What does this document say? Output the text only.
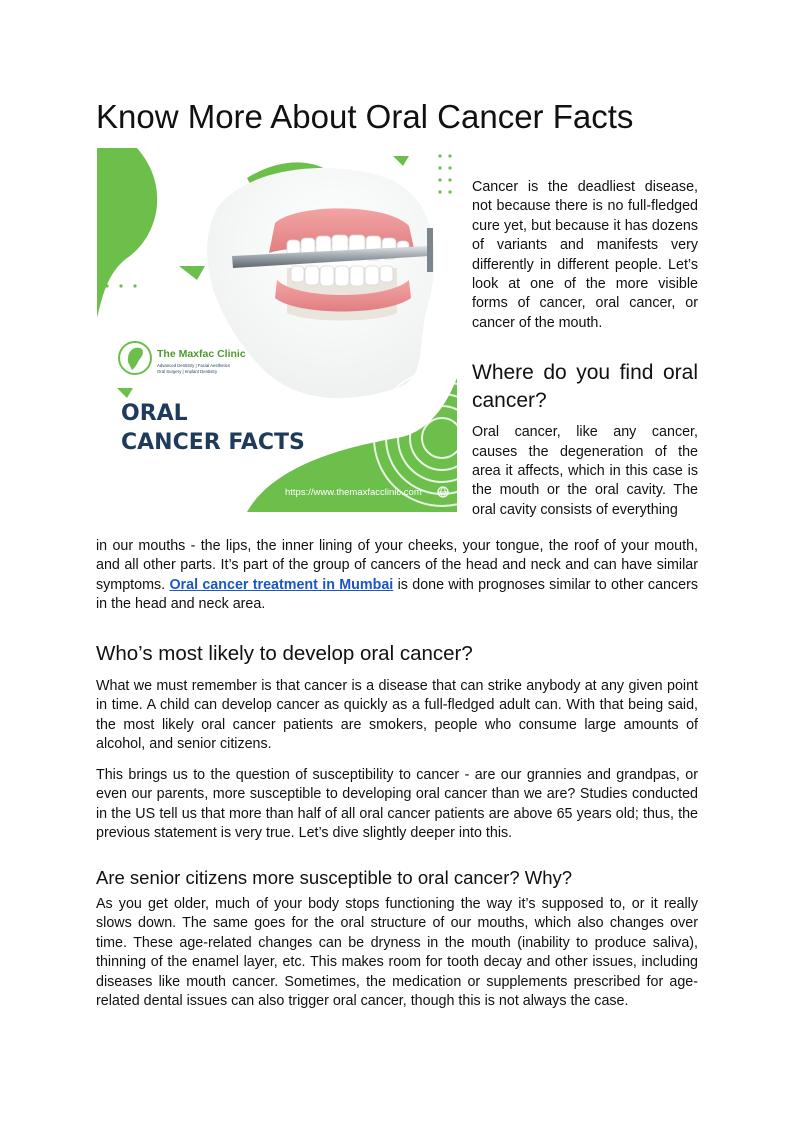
Know More About Oral Cancer Facts
The Maxfac Clinic
Advanced Dentistry | Facial Aesthetics
Oral Surgery | Implant Dentistry
ORAL
CANCER FACTS
https://www.themaxfacclinic.com

Cancer is the deadliest disease, not because there is no full-fledged cure yet, but because it has dozens of variants and manifests very differently in different people. Let’s look at one of the more visible forms of cancer, oral cancer, or cancer of the mouth.

Where do you find oral cancer?

Oral cancer, like any cancer, causes the degeneration of the area it affects, which in this case is the mouth or the oral cavity. The oral cavity consists of everything

in our mouths - the lips, the inner lining of your cheeks, your tongue, the roof of your mouth, and all other parts. It’s part of the group of cancers of the head and neck and can have similar symptoms. Oral cancer treatment in Mumbai is done with prognoses similar to other cancers in the head and neck area.

Who’s most likely to develop oral cancer?

What we must remember is that cancer is a disease that can strike anybody at any given point in time. A child can develop cancer as quickly as a full-fledged adult can. With that being said, the most likely oral cancer patients are smokers, people who consume large amounts of alcohol, and senior citizens.

This brings us to the question of susceptibility to cancer - are our grannies and grandpas, or even our parents, more susceptible to developing oral cancer than we are? Studies conducted in the US tell us that more than half of all oral cancer patients are above 65 years old; thus, the previous statement is very true. Let’s dive slightly deeper into this.

Are senior citizens more susceptible to oral cancer? Why?

As you get older, much of your body stops functioning the way it’s supposed to, or it really slows down. The same goes for the oral structure of our mouths, which also changes over time. These age-related changes can be dryness in the mouth (inability to produce saliva), thinning of the enamel layer, etc. This makes room for tooth decay and other issues, including diseases like mouth cancer. Sometimes, the medication or supplements prescribed for age-related dental issues can also trigger oral cancer, though this is not always the case.
